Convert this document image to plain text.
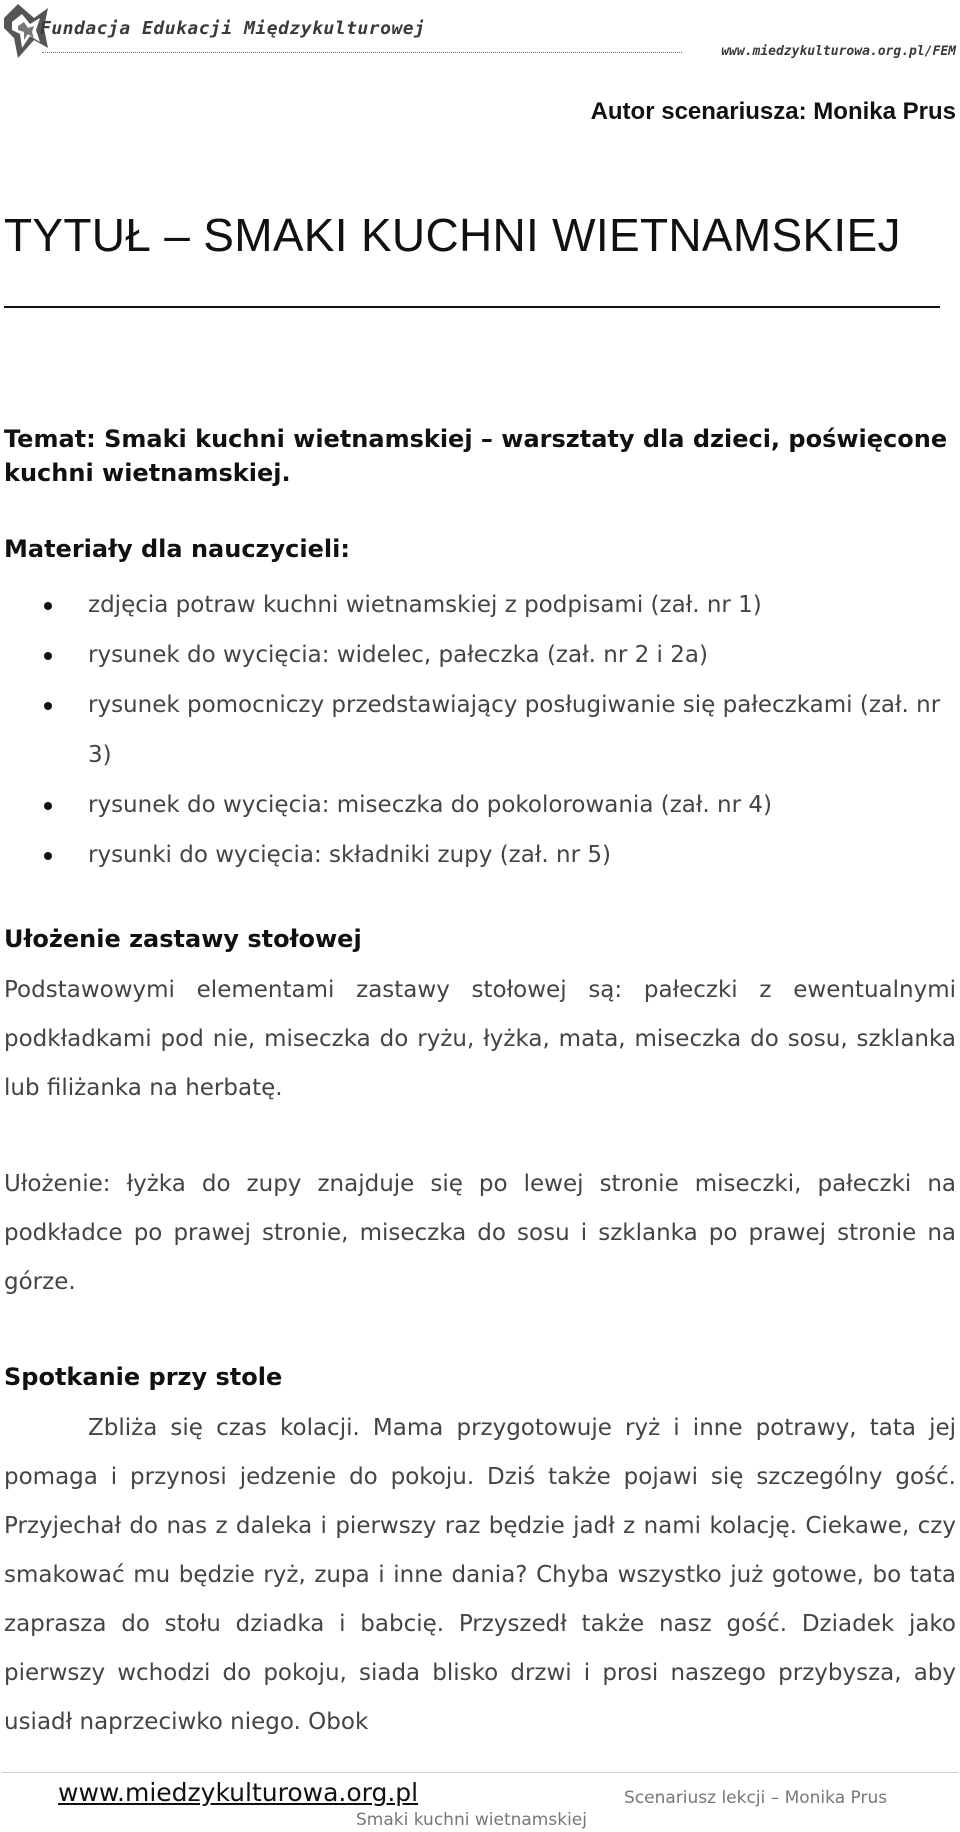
Fundacja Edukacji Międzykulturowej
www.miedzykulturowa.org.pl/FEM
Autor scenariusza: Monika Prus
TYTUŁ – SMAKI KUCHNI WIETNAMSKIEJ
Temat: Smaki kuchni wietnamskiej – warsztaty dla dzieci, poświęcone kuchni wietnamskiej.
Materiały dla nauczycieli:
zdjęcia potraw kuchni wietnamskiej z podpisami (zał. nr 1)
rysunek do wycięcia: widelec, pałeczka (zał. nr 2 i 2a)
rysunek pomocniczy przedstawiający posługiwanie się pałeczkami (zał. nr 3)
rysunek do wycięcia: miseczka do pokolorowania (zał. nr 4)
rysunki do wycięcia: składniki zupy (zał. nr 5)
Ułożenie zastawy stołowej
Podstawowymi elementami zastawy stołowej są: pałeczki z ewentualnymi podkładkami pod nie, miseczka do ryżu, łyżka, mata, miseczka do sosu, szklanka lub filiżanka na herbatę.
Ułożenie: łyżka do zupy znajduje się po lewej stronie miseczki, pałeczki na podkładce po prawej stronie, miseczka do sosu i szklanka po prawej stronie na górze.
Spotkanie przy stole
Zbliża się czas kolacji. Mama przygotowuje ryż i inne potrawy, tata jej pomaga i przynosi jedzenie do pokoju. Dziś także pojawi się szczególny gość. Przyjechał do nas z daleka i pierwszy raz będzie jadł z nami kolację. Ciekawe, czy smakować mu będzie ryż, zupa i inne dania? Chyba wszystko już gotowe, bo tata zaprasza do stołu dziadka i babcię. Przyszedł także nasz gość. Dziadek jako pierwszy wchodzi do pokoju, siada blisko drzwi i prosi naszego przybysza, aby usiadł naprzeciwko niego. Obok
www.miedzykulturowa.org.pl	Scenariusz lekcji – Monika Prus
Smaki kuchni wietnamskiej
